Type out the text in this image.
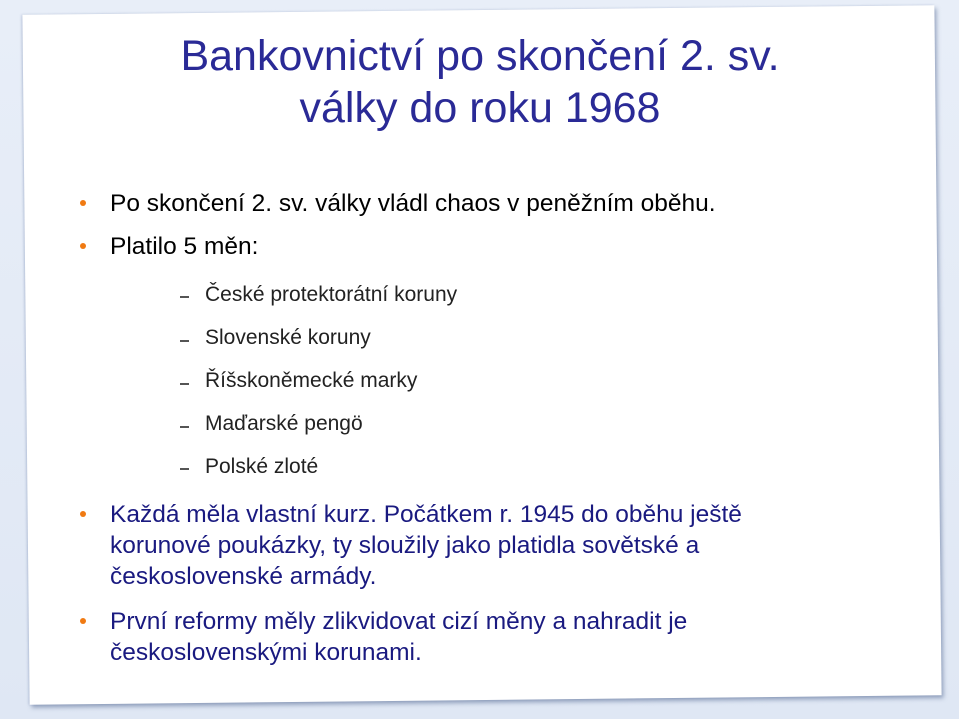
Bankovnictví po skončení 2. sv.
války do roku 1968
Po skončení 2. sv. války vládl chaos v peněžním oběhu.
Platilo 5 měn:
České protektorátní koruny
Slovenské koruny
Říšskoněmecké marky
Maďarské pengö
Polské zloté
Každá měla vlastní kurz. Počátkem r. 1945 do oběhu ještě
korunové poukázky, ty sloužily jako platidla sovětské a
československé armády.
První reformy měly zlikvidovat cizí měny a nahradit je
československými korunami.
